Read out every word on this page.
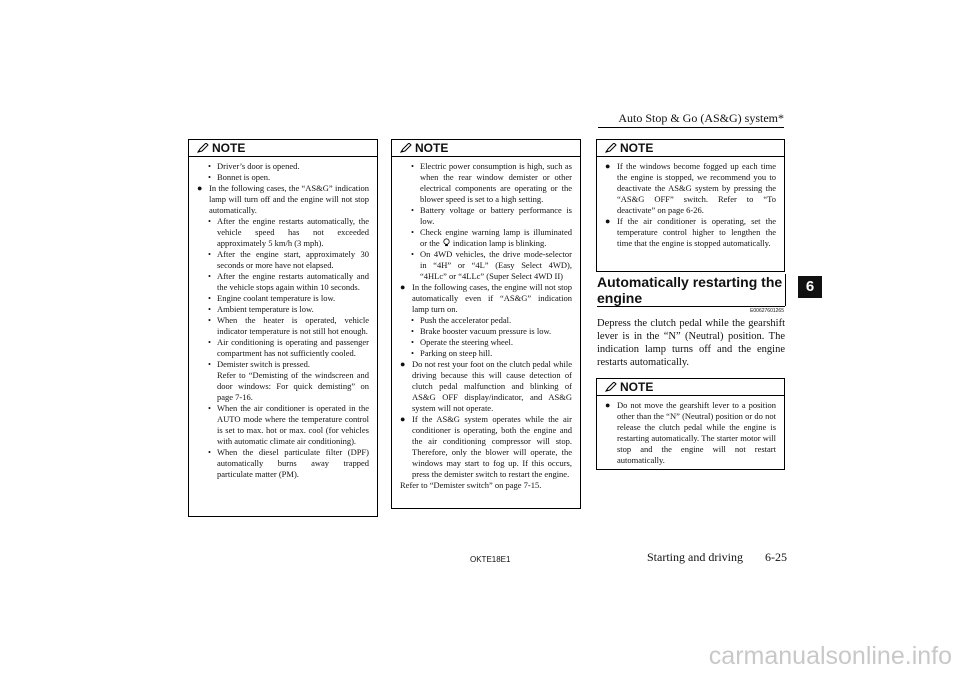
Auto Stop & Go (AS&G) system*
6
NOTE
• Driver’s door is opened.
• Bonnet is open.
● In the following cases, the “AS&G” indication lamp will turn off and the engine will not stop automatically.
• After the engine restarts automatically, the vehicle speed has not exceeded approximately 5 km/h (3 mph).
• After the engine start, approximately 30 seconds or more have not elapsed.
• After the engine restarts automatically and the vehicle stops again within 10 seconds.
• Engine coolant temperature is low.
• Ambient temperature is low.
• When the heater is operated, vehicle indicator temperature is not still hot enough.
• Air conditioning is operating and passenger compartment has not sufficiently cooled.
• Demister switch is pressed.
Refer to “Demisting of the windscreen and door windows: For quick demisting” on page 7-16.
• When the air conditioner is operated in the AUTO mode where the temperature control is set to max. hot or max. cool (for vehicles with automatic climate air conditioning).
• When the diesel particulate filter (DPF) automatically burns away trapped particulate matter (PM).
NOTE
• Electric power consumption is high, such as when the rear window demister or other electrical components are operating or the blower speed is set to a high setting.
• Battery voltage or battery performance is low.
• Check engine warning lamp is illuminated or the  indication lamp is blinking.
• On 4WD vehicles, the drive mode-selector in “4H” or “4L” (Easy Select 4WD), “4HLc” or “4LLc” (Super Select 4WD II)
● In the following cases, the engine will not stop automatically even if “AS&G” indication lamp turn on.
• Push the accelerator pedal.
• Brake booster vacuum pressure is low.
• Operate the steering wheel.
• Parking on steep hill.
● Do not rest your foot on the clutch pedal while driving because this will cause detection of clutch pedal malfunction and blinking of AS&G OFF display/indicator, and AS&G system will not operate.
● If the AS&G system operates while the air conditioner is operating, both the engine and the air conditioning compressor will stop. Therefore, only the blower will operate, the windows may start to fog up. If this occurs, press the demister switch to restart the engine.
Refer to “Demister switch” on page 7-15.
NOTE
● If the windows become fogged up each time the engine is stopped, we recommend you to deactivate the AS&G system by pressing the “AS&G OFF” switch. Refer to “To deactivate” on page 6-26.
● If the air conditioner is operating, set the temperature control higher to lengthen the time that the engine is stopped automatically.
Automatically restarting the engine
E00627601265
Depress the clutch pedal while the gearshift lever is in the “N” (Neutral) position. The indication lamp turns off and the engine restarts automatically.
NOTE
● Do not move the gearshift lever to a position other than the “N” (Neutral) position or do not release the clutch pedal while the engine is restarting automatically. The starter motor will stop and the engine will not restart automatically.
OKTE18E1	Starting and driving 6-25
carmanualsonline.info
